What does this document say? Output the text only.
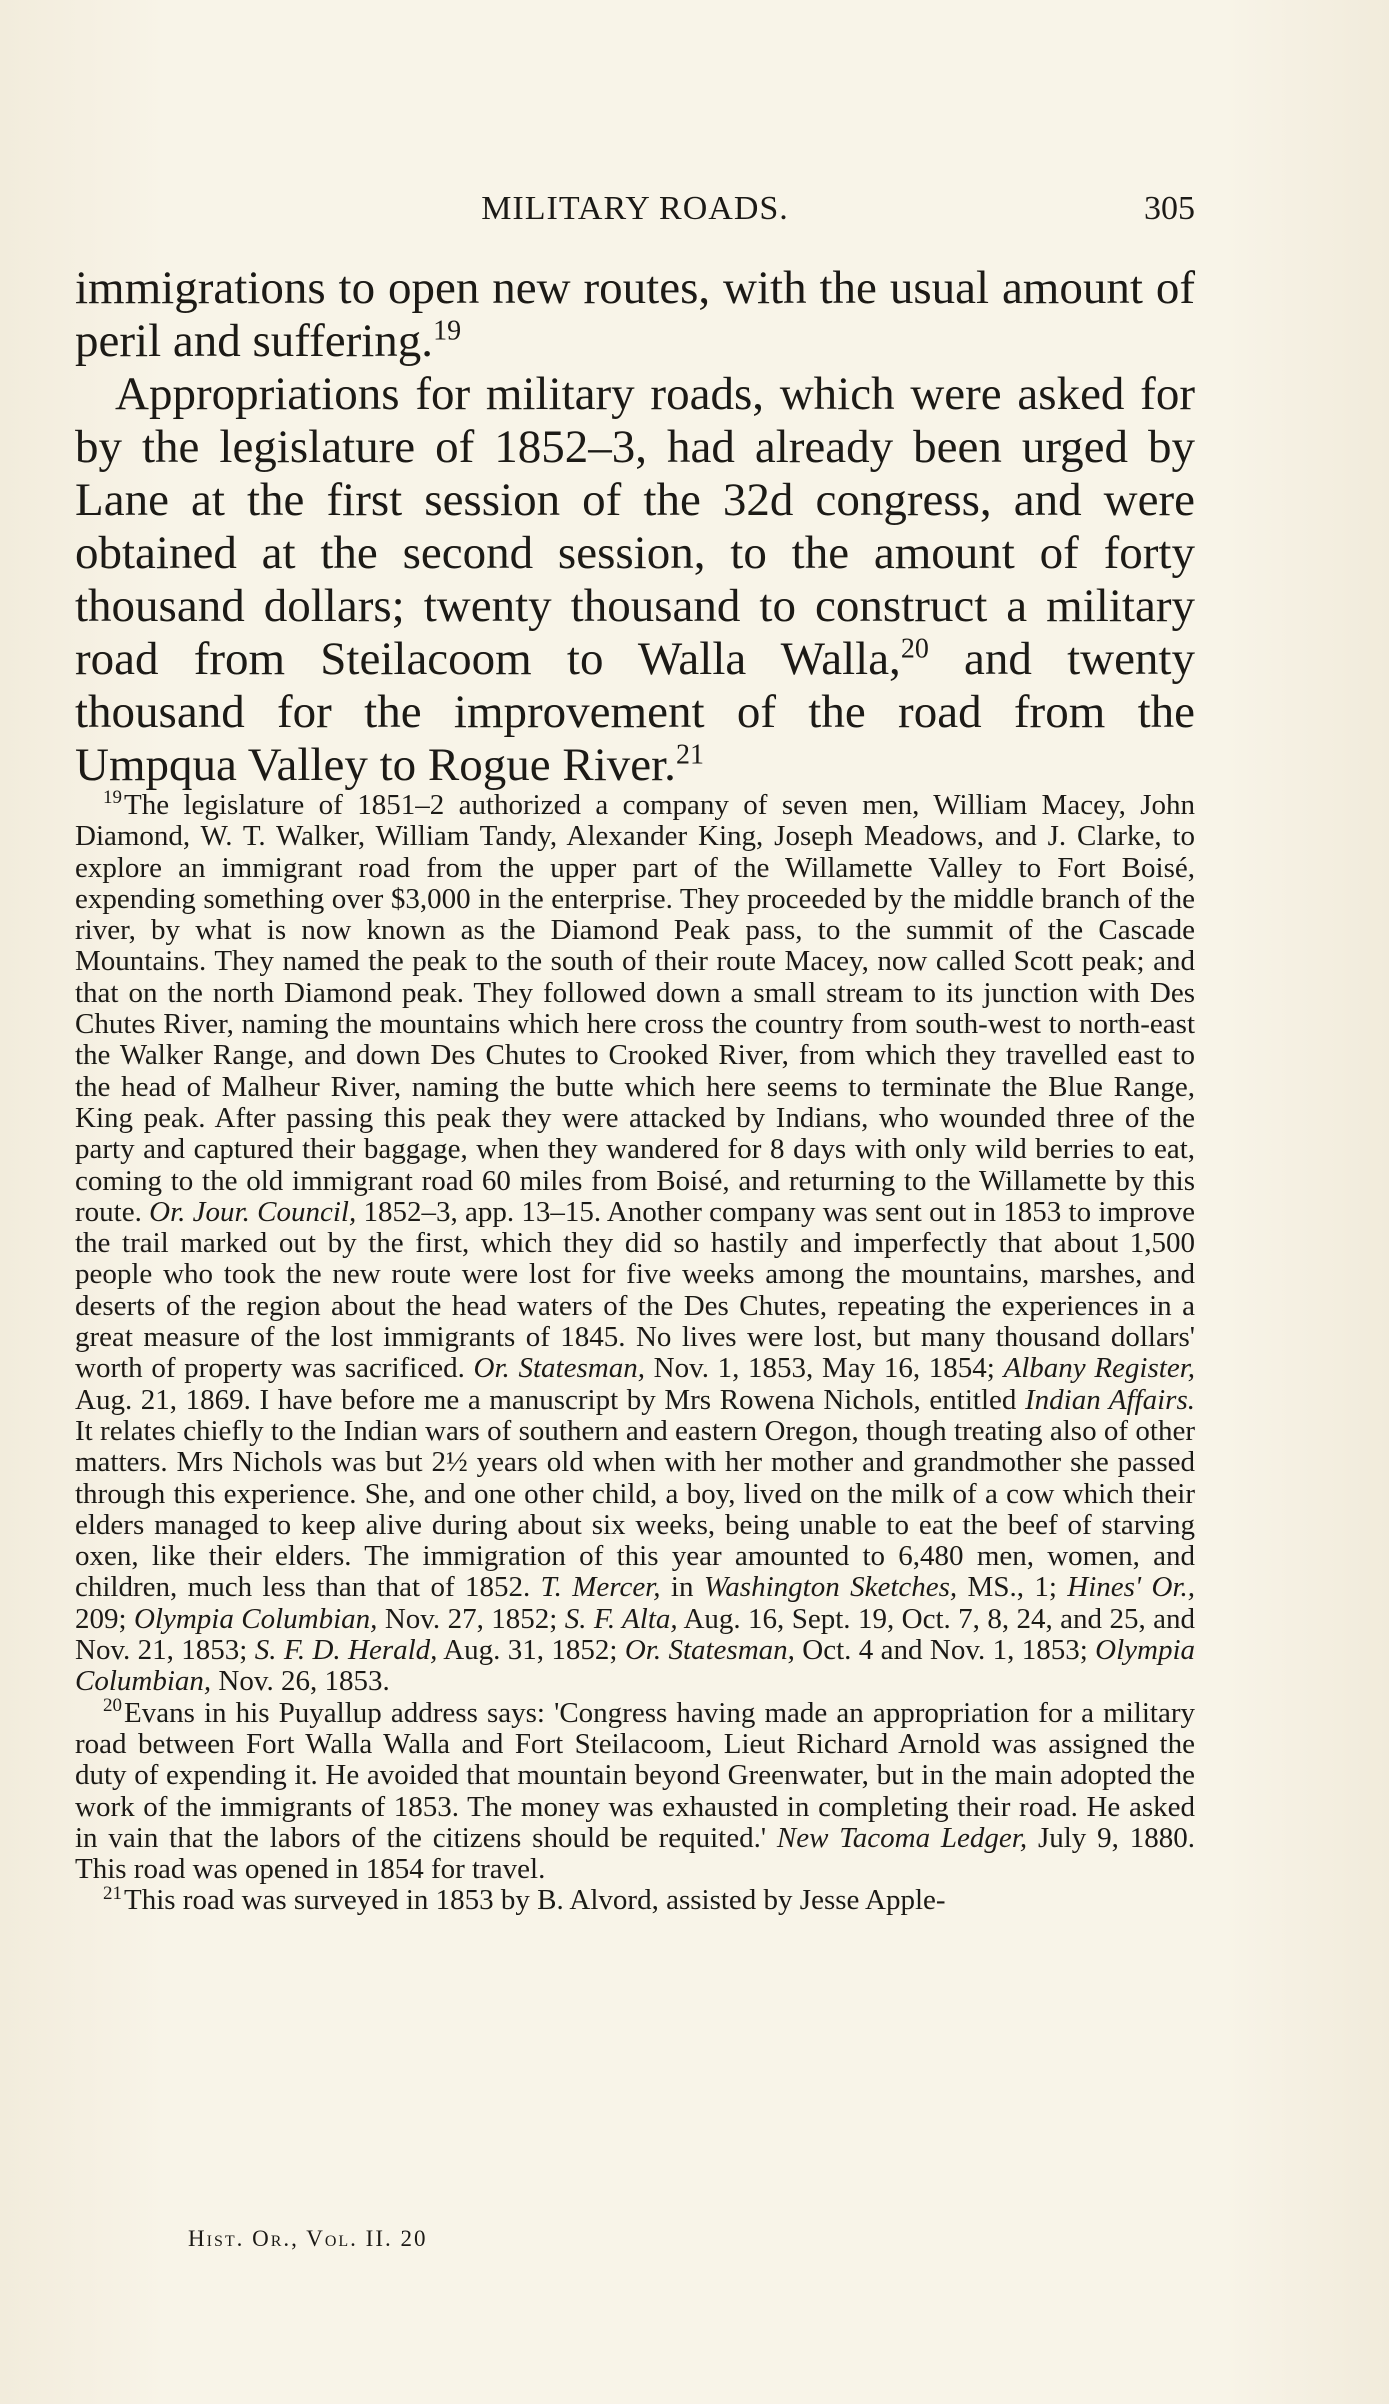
MILITARY ROADS.	305

immigrations to open new routes, with the usual amount of peril and suffering.$^{19}$

Appropriations for military roads, which were asked for by the legislature of 1852–3, had already been urged by Lane at the first session of the 32d congress, and were obtained at the second session, to the amount of forty thousand dollars; twenty thousand to construct a military road from Steilacoom to Walla Walla,$^{20}$ and twenty thousand for the improvement of the road from the Umpqua Valley to Rogue River.$^{21}$

$^{19}$The legislature of 1851–2 authorized a company of seven men, William Macey, John Diamond, W. T. Walker, William Tandy, Alexander King, Joseph Meadows, and J. Clarke, to explore an immigrant road from the upper part of the Willamette Valley to Fort Boisé, expending something over $3,000 in the enterprise. They proceeded by the middle branch of the river, by what is now known as the Diamond Peak pass, to the summit of the Cascade Mountains. They named the peak to the south of their route Macey, now called Scott peak; and that on the north Diamond peak. They followed down a small stream to its junction with Des Chutes River, naming the mountains which here cross the country from south-west to north-east the Walker Range, and down Des Chutes to Crooked River, from which they travelled east to the head of Malheur River, naming the butte which here seems to terminate the Blue Range, King peak. After passing this peak they were attacked by Indians, who wounded three of the party and captured their baggage, when they wandered for 8 days with only wild berries to eat, coming to the old immigrant road 60 miles from Boisé, and returning to the Willamette by this route. Or. Jour. Council, 1852–3, app. 13–15. Another company was sent out in 1853 to improve the trail marked out by the first, which they did so hastily and imperfectly that about 1,500 people who took the new route were lost for five weeks among the mountains, marshes, and deserts of the region about the head waters of the Des Chutes, repeating the experiences in a great measure of the lost immigrants of 1845. No lives were lost, but many thousand dollars' worth of property was sacrificed. Or. Statesman, Nov. 1, 1853, May 16, 1854; Albany Register, Aug. 21, 1869. I have before me a manuscript by Mrs Rowena Nichols, entitled Indian Affairs. It relates chiefly to the Indian wars of southern and eastern Oregon, though treating also of other matters. Mrs Nichols was but 2½ years old when with her mother and grandmother she passed through this experience. She, and one other child, a boy, lived on the milk of a cow which their elders managed to keep alive during about six weeks, being unable to eat the beef of starving oxen, like their elders. The immigration of this year amounted to 6,480 men, women, and children, much less than that of 1852. T. Mercer, in Washington Sketches, MS., 1; Hines' Or., 209; Olympia Columbian, Nov. 27, 1852; S. F. Alta, Aug. 16, Sept. 19, Oct. 7, 8, 24, and 25, and Nov. 21, 1853; S. F. D. Herald, Aug. 31, 1852; Or. Statesman, Oct. 4 and Nov. 1, 1853; Olympia Columbian, Nov. 26, 1853.

$^{20}$Evans in his Puyallup address says: 'Congress having made an appropriation for a military road between Fort Walla Walla and Fort Steilacoom, Lieut Richard Arnold was assigned the duty of expending it. He avoided that mountain beyond Greenwater, but in the main adopted the work of the immigrants of 1853. The money was exhausted in completing their road. He asked in vain that the labors of the citizens should be requited.' New Tacoma Ledger, July 9, 1880. This road was opened in 1854 for travel.

$^{21}$This road was surveyed in 1853 by B. Alvord, assisted by Jesse Apple-

Hist. Or., Vol. II. 20
